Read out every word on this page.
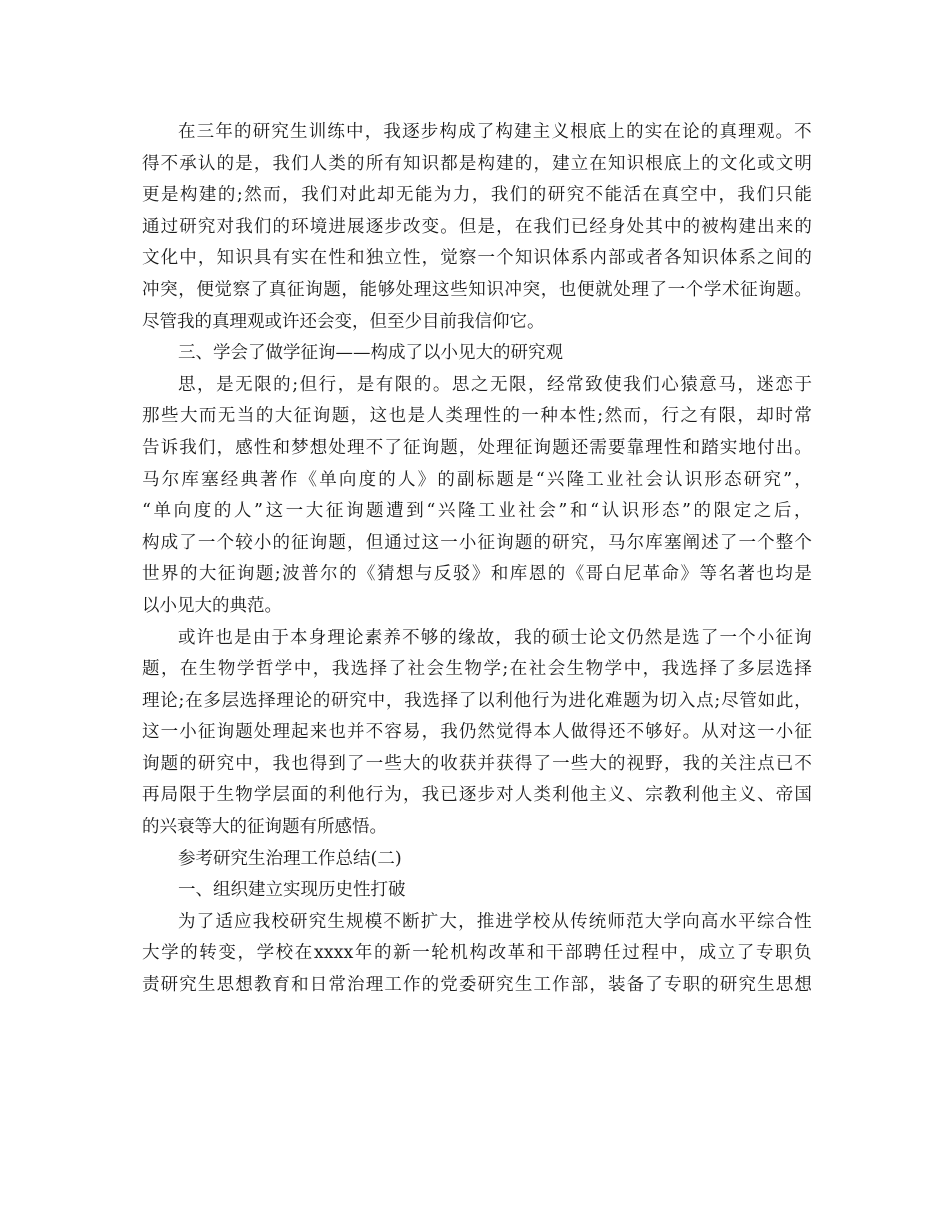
在 三 年 的 研 究 生 训 练 中 ， 我 逐 步 构 成 了 构 建 主 义 根 底 上 的 实 在 论 的 真 理 观 。 不
得 不 承 认 的 是 ， 我 们 人 类 的 所 有 知 识 都 是 构 建 的 ， 建 立 在 知 识 根 底 上 的 文 化 或 文 明
更 是 构 建 的 ; 然 而 ， 我 们 对 此 却 无 能 为 力 ， 我 们 的 研 究 不 能 活 在 真 空 中 ， 我 们 只 能
通 过 研 究 对 我 们 的 环 境 进 展 逐 步 改 变 。 但 是 ， 在 我 们 已 经 身 处 其 中 的 被 构 建 出 来 的
文 化 中 ， 知 识 具 有 实 在 性 和 独 立 性 ， 觉 察 一 个 知 识 体 系 内 部 或 者 各 知 识 体 系 之 间 的
冲 突 ， 便 觉 察 了 真 征 询 题 ， 能 够 处 理 这 些 知 识 冲 突 ， 也 便 就 处 理 了 一 个 学 术 征 询 题 。
尽管我的真理观或许还会变，但至少目前我信仰它。
三、学会了做学征询——构成了以小见大的研究观
思 ， 是 无 限 的 ; 但 行 ， 是 有 限 的 。 思 之 无 限 ， 经 常 致 使 我 们 心 猿 意 马 ， 迷 恋 于
那 些 大 而 无 当 的 大 征 询 题 ， 这 也 是 人 类 理 性 的 一 种 本 性 ; 然 而 ， 行 之 有 限 ， 却 时 常
告 诉 我 们 ， 感 性 和 梦 想 处 理 不 了 征 询 题 ， 处 理 征 询 题 还 需 要 靠 理 性 和 踏 实 地 付 出 。
马 尔 库 塞 经 典 著 作 《 单 向 度 的 人 》 的 副 标 题 是 “ 兴 隆 工 业 社 会 认 识 形 态 研 究 ” ，
“ 单 向 度 的 人 ” 这 一 大 征 询 题 遭 到 “ 兴 隆 工 业 社 会 ” 和 “ 认 识 形 态 ” 的 限 定 之 后 ，
构 成 了 一 个 较 小 的 征 询 题 ， 但 通 过 这 一 小 征 询 题 的 研 究 ， 马 尔 库 塞 阐 述 了 一 个 整 个
世 界 的 大 征 询 题 ; 波 普 尔 的 《 猜 想 与 反 驳 》 和 库 恩 的 《 哥 白 尼 革 命 》 等 名 著 也 均 是
以小见大的典范。
或 许 也 是 由 于 本 身 理 论 素 养 不 够 的 缘 故 ， 我 的 硕 士 论 文 仍 然 是 选 了 一 个 小 征 询
题 ， 在 生 物 学 哲 学 中 ， 我 选 择 了 社 会 生 物 学 ; 在 社 会 生 物 学 中 ， 我 选 择 了 多 层 选 择
理 论 ; 在 多 层 选 择 理 论 的 研 究 中 ， 我 选 择 了 以 利 他 行 为 进 化 难 题 为 切 入 点 ; 尽 管 如 此 ，
这 一 小 征 询 题 处 理 起 来 也 并 不 容 易 ， 我 仍 然 觉 得 本 人 做 得 还 不 够 好 。 从 对 这 一 小 征
询 题 的 研 究 中 ， 我 也 得 到 了 一 些 大 的 收 获 并 获 得 了 一 些 大 的 视 野 ， 我 的 关 注 点 已 不
再 局 限 于 生 物 学 层 面 的 利 他 行 为 ， 我 已 逐 步 对 人 类 利 他 主 义 、 宗 教 利 他 主 义 、 帝 国
的兴衰等大的征询题有所感悟。
参考研究生治理工作总结(二)
一、组织建立实现历史性打破
为 了 适 应 我 校 研 究 生 规 模 不 断 扩 大 ， 推 进 学 校 从 传 统 师 范 大 学 向 高 水 平 综 合 性
大 学 的 转 变 ， 学 校 在 xxxx 年 的 新 一 轮 机 构 改 革 和 干 部 聘 任 过 程 中 ， 成 立 了 专 职 负
责 研 究 生 思 想 教 育 和 日 常 治 理 工 作 的 党 委 研 究 生 工 作 部 ， 装 备 了 专 职 的 研 究 生 思 想
